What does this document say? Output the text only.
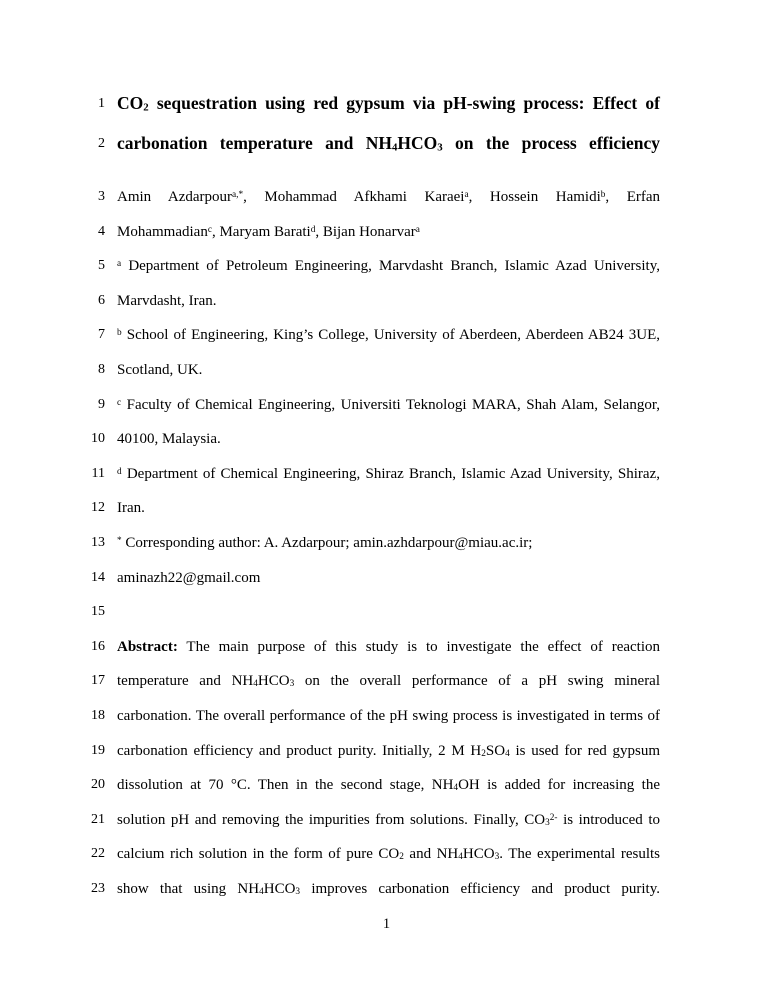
1 $CO_2$ sequestration using red gypsum via pH-swing process: Effect of
2 carbonation temperature and $NH_4HCO_3$ on the process efficiency
3 Amin Azdarpour$^{a,*}$, Mohammad Afkhami Karaei$^a$, Hossein Hamidi$^b$, Erfan
4 Mohammadian$^c$, Maryam Barati$^d$, Bijan Honarvar$^a$
5 $^a$ Department of Petroleum Engineering, Marvdasht Branch, Islamic Azad University,
6 Marvdasht, Iran.
7 $^b$ School of Engineering, King’s College, University of Aberdeen, Aberdeen AB24 3UE,
8 Scotland, UK.
9 $^c$ Faculty of Chemical Engineering, Universiti Teknologi MARA, Shah Alam, Selangor,
10 40100, Malaysia.
11 $^d$ Department of Chemical Engineering, Shiraz Branch, Islamic Azad University, Shiraz,
12 Iran.
13 * Corresponding author: A. Azdarpour; amin.azhdarpour@miau.ac.ir;
14 aminazh22@gmail.com
15
16 Abstract: The main purpose of this study is to investigate the effect of reaction
17 temperature and $NH_4HCO_3$ on the overall performance of a pH swing mineral
18 carbonation. The overall performance of the pH swing process is investigated in terms of
19 carbonation efficiency and product purity. Initially, 2 M $H_2SO_4$ is used for red gypsum
20 dissolution at 70 °C. Then in the second stage, $NH_4OH$ is added for increasing the
21 solution pH and removing the impurities from solutions. Finally, $CO_3^{2-}$ is introduced to
22 calcium rich solution in the form of pure $CO_2$ and $NH_4HCO_3$. The experimental results
23 show that using $NH_4HCO_3$ improves carbonation efficiency and product purity.
1
